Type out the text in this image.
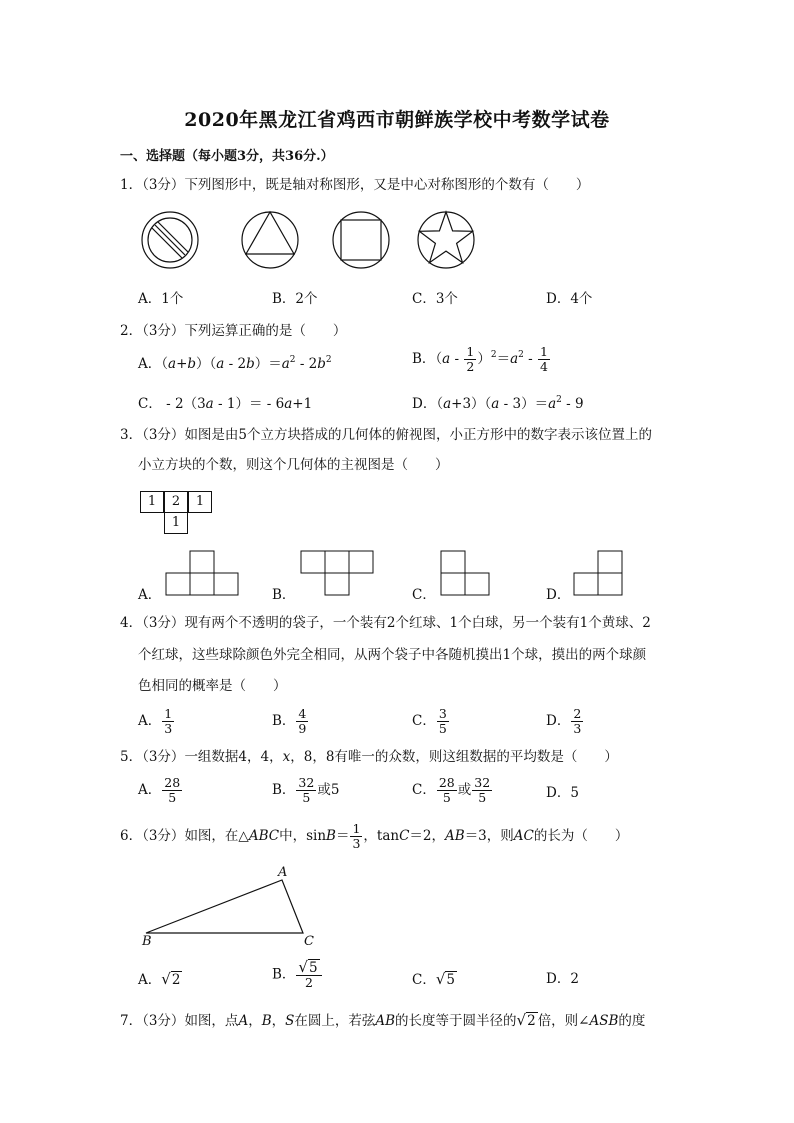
2020年黑龙江省鸡西市朝鲜族学校中考数学试卷
一、选择题（每小题3分，共36分.）
1．（3分）下列图形中，既是轴对称图形，又是中心对称图形的个数有（　　）
A．1个	B．2个	C．3个	D．4个
2．（3分）下列运算正确的是（　　）
A．$(a+b)(a - 2b)=a^2 - 2b^2$	B．$(a - \frac{1}{2} )^2=a^2 - \frac{1}{4}$
C． - 2（3a - 1）＝ - 6a+1	D．$(a+3)(a - 3)=a^2 - 9$
3．（3分）如图是由5个立方块搭成的几何体的俯视图，小正方形中的数字表示该位置上的
小立方块的个数，则这个几何体的主视图是（　　）
1	2	1
1
A．	B．	C．	D．
4．（3分）现有两个不透明的袋子，一个装有2个红球、1个白球，另一个装有1个黄球、2
个红球，这些球除颜色外完全相同，从两个袋子中各随机摸出1个球，摸出的两个球颜
色相同的概率是（　　）
A． $\frac{1}{3}$	B． $\frac{4}{9}$	C． $\frac{3}{5}$	D． $\frac{2}{3}$
5．（3分）一组数据4，4，x，8，8有唯一的众数，则这组数据的平均数是（　　）
A． $\frac{28}{5}$	B． $\frac{32}{5}$ 或5	C． $\frac{28}{5}$ 或 $\frac{32}{5}$	D．5
6．（3分）如图，在△ABC中，$\sin B= \frac{1}{3}$ ，tanC＝2，AB＝3，则AC的长为（　　）
A
B	C
A．√2	B． $\frac{√5}{2}$	C．√5	D．2
7．（3分）如图，点A，B，S在圆上，若弦AB的长度等于圆半径的√2 倍，则∠ASB的度
